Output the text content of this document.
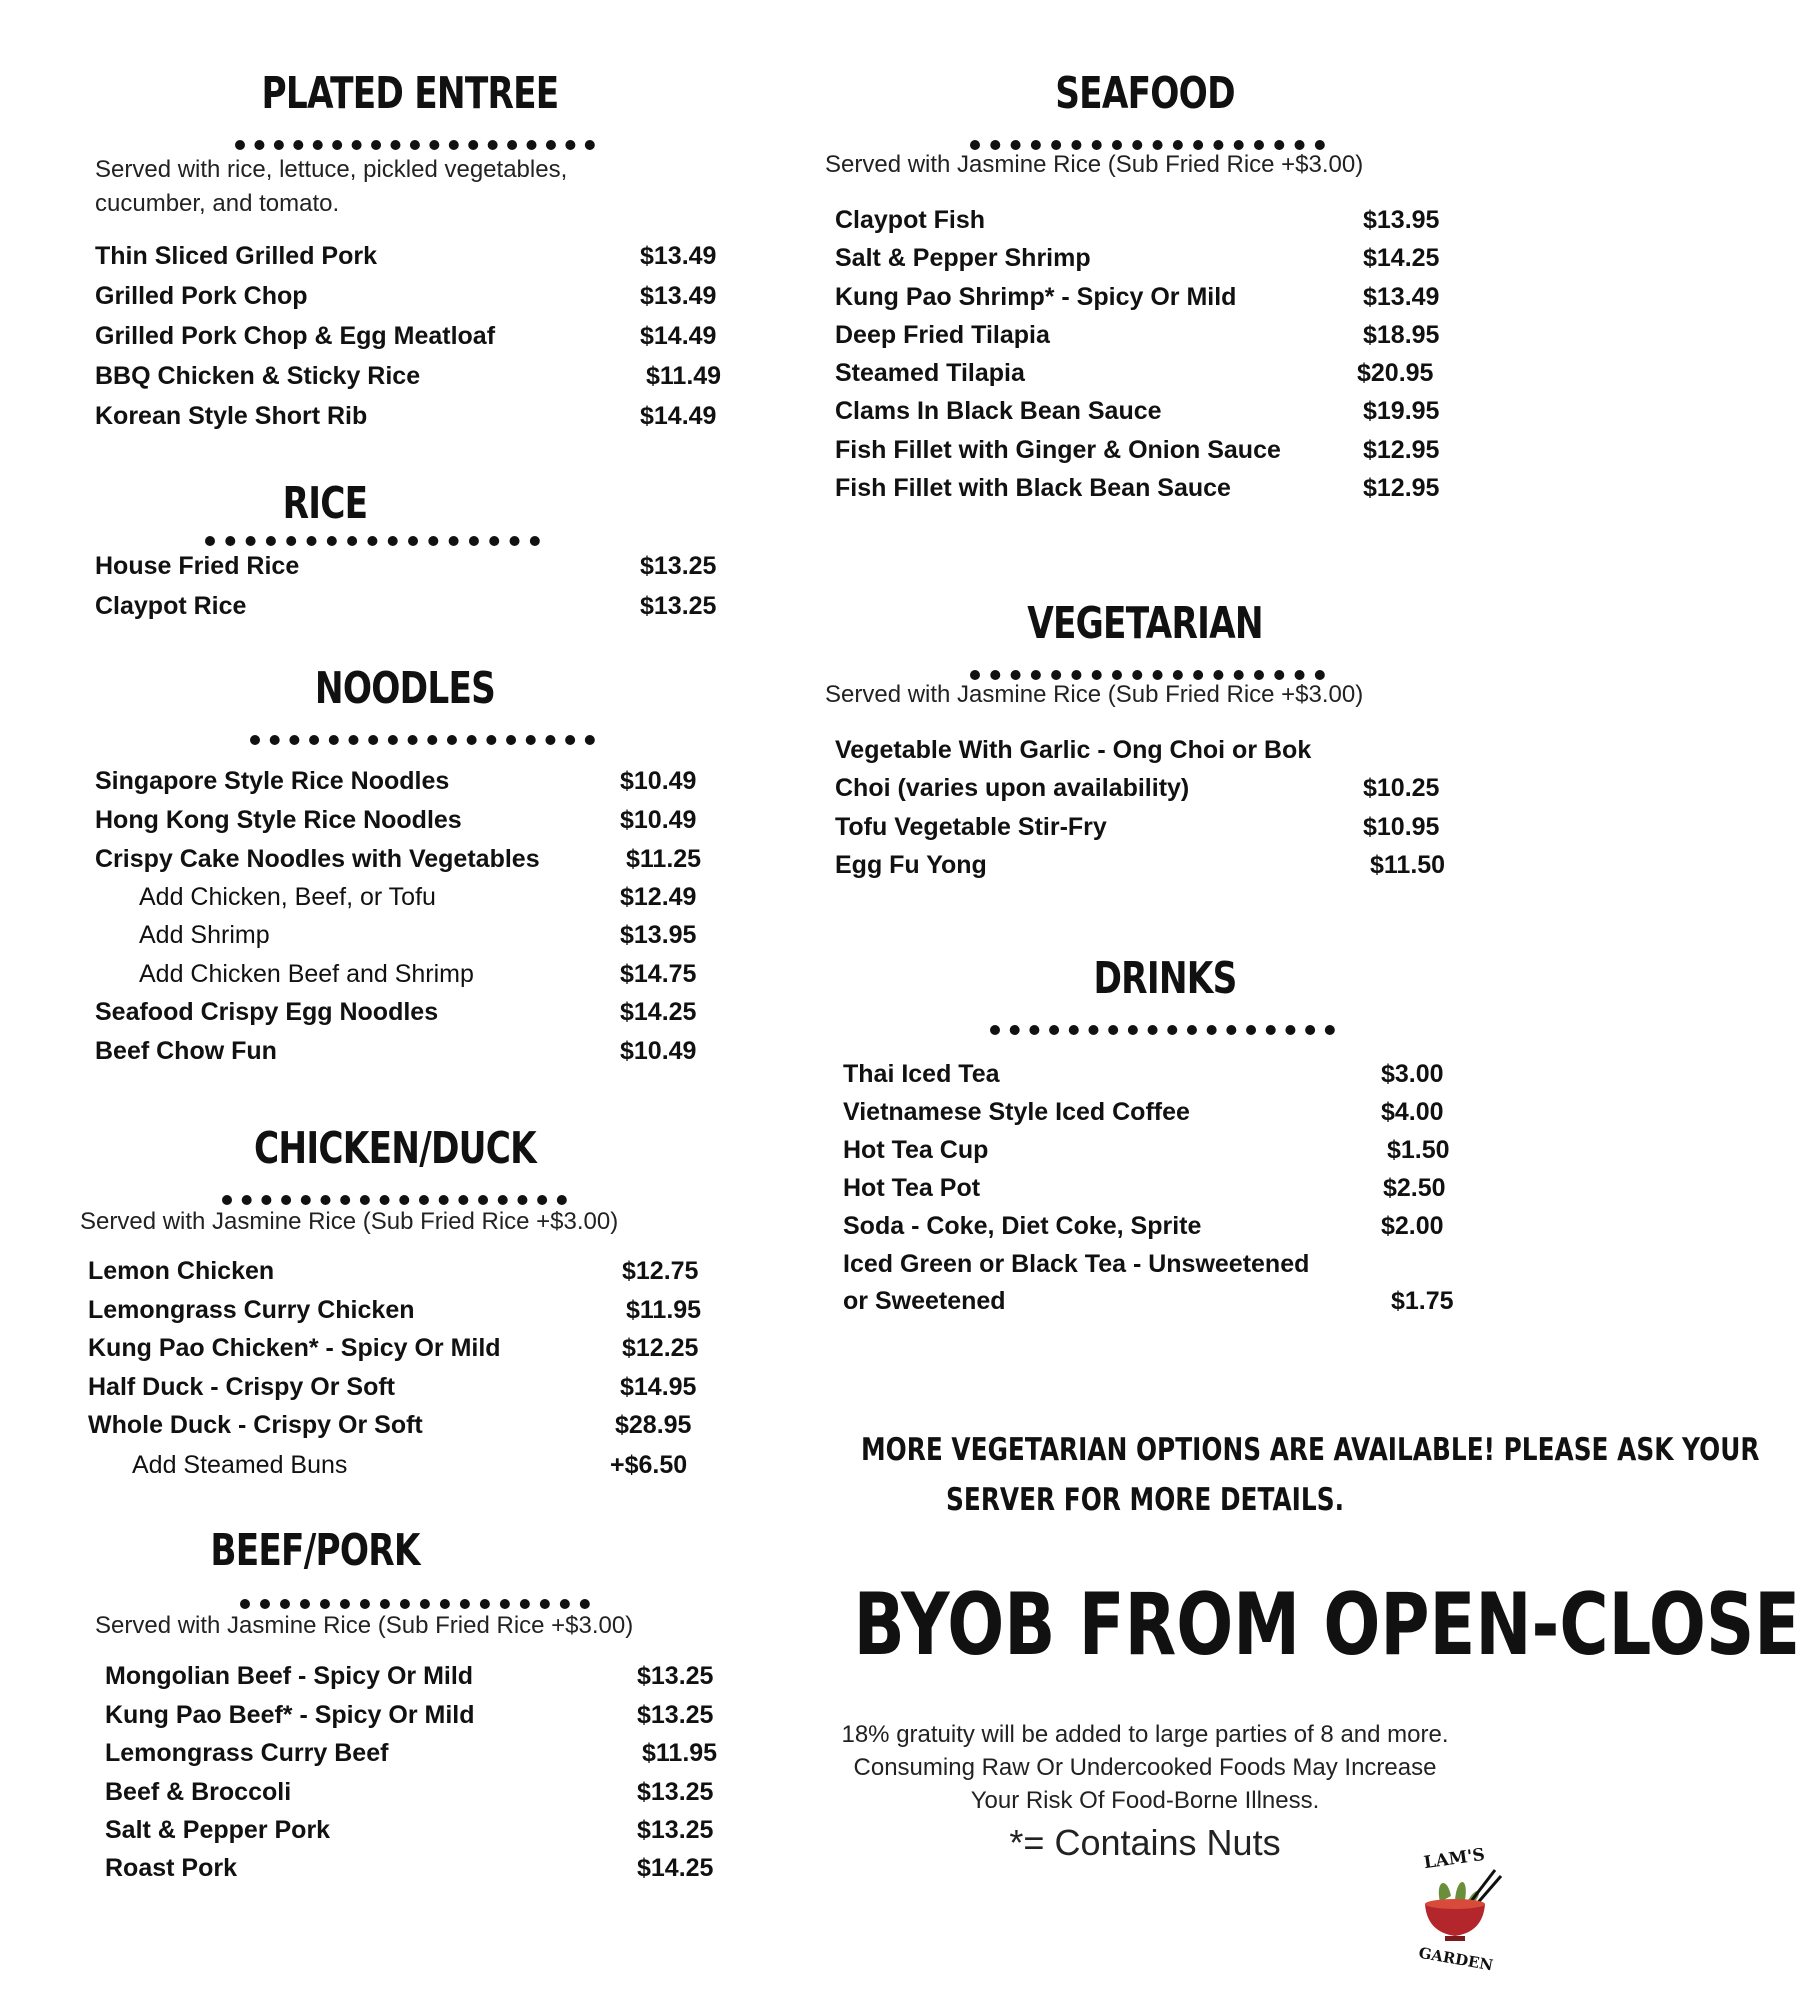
PLATED ENTREE
Served with rice, lettuce, pickled vegetables, cucumber, and tomato.
Thin Sliced Grilled Pork	$13.49
Grilled Pork Chop	$13.49
Grilled Pork Chop & Egg Meatloaf	$14.49
BBQ Chicken & Sticky Rice	$11.49
Korean Style Short Rib	$14.49
RICE
House Fried Rice	$13.25
Claypot Rice	$13.25
NOODLES
Singapore Style Rice Noodles	$10.49
Hong Kong Style Rice Noodles	$10.49
Crispy Cake Noodles with Vegetables	$11.25
Add Chicken, Beef, or Tofu	$12.49
Add Shrimp	$13.95
Add Chicken Beef and Shrimp	$14.75
Seafood Crispy Egg Noodles	$14.25
Beef Chow Fun	$10.49
CHICKEN/DUCK
Served with Jasmine Rice (Sub Fried Rice +$3.00)
Lemon Chicken	$12.75
Lemongrass Curry Chicken	$11.95
Kung Pao Chicken* - Spicy Or Mild	$12.25
Half Duck - Crispy Or Soft	$14.95
Whole Duck - Crispy Or Soft	$28.95
Add Steamed Buns	+$6.50
BEEF/PORK
Served with Jasmine Rice (Sub Fried Rice +$3.00)
Mongolian Beef - Spicy Or Mild	$13.25
Kung Pao Beef* - Spicy Or Mild	$13.25
Lemongrass Curry Beef	$11.95
Beef & Broccoli	$13.25
Salt & Pepper Pork	$13.25
Roast Pork	$14.25
SEAFOOD
Served with Jasmine Rice (Sub Fried Rice +$3.00)
Claypot Fish	$13.95
Salt & Pepper Shrimp	$14.25
Kung Pao Shrimp* - Spicy Or Mild	$13.49
Deep Fried Tilapia	$18.95
Steamed Tilapia	$20.95
Clams In Black Bean Sauce	$19.95
Fish Fillet with Ginger & Onion Sauce	$12.95
Fish Fillet with Black Bean Sauce	$12.95
VEGETARIAN
Served with Jasmine Rice (Sub Fried Rice +$3.00)
Vegetable With Garlic - Ong Choi or Bok
Choi (varies upon availability)	$10.25
Tofu Vegetable Stir-Fry	$10.95
Egg Fu Yong	$11.50
DRINKS
Thai Iced Tea	$3.00
Vietnamese Style Iced Coffee	$4.00
Hot Tea Cup	$1.50
Hot Tea Pot	$2.50
Soda - Coke, Diet Coke, Sprite	$2.00
Iced Green or Black Tea - Unsweetened
or Sweetened	$1.75
MORE VEGETARIAN OPTIONS ARE AVAILABLE! PLEASE ASK YOUR
SERVER FOR MORE DETAILS.
BYOB FROM OPEN-CLOSE
18% gratuity will be added to large parties of 8 and more.
Consuming Raw Or Undercooked Foods May Increase
Your Risk Of Food-Borne Illness.
*= Contains Nuts	LAM'S
GARDEN
